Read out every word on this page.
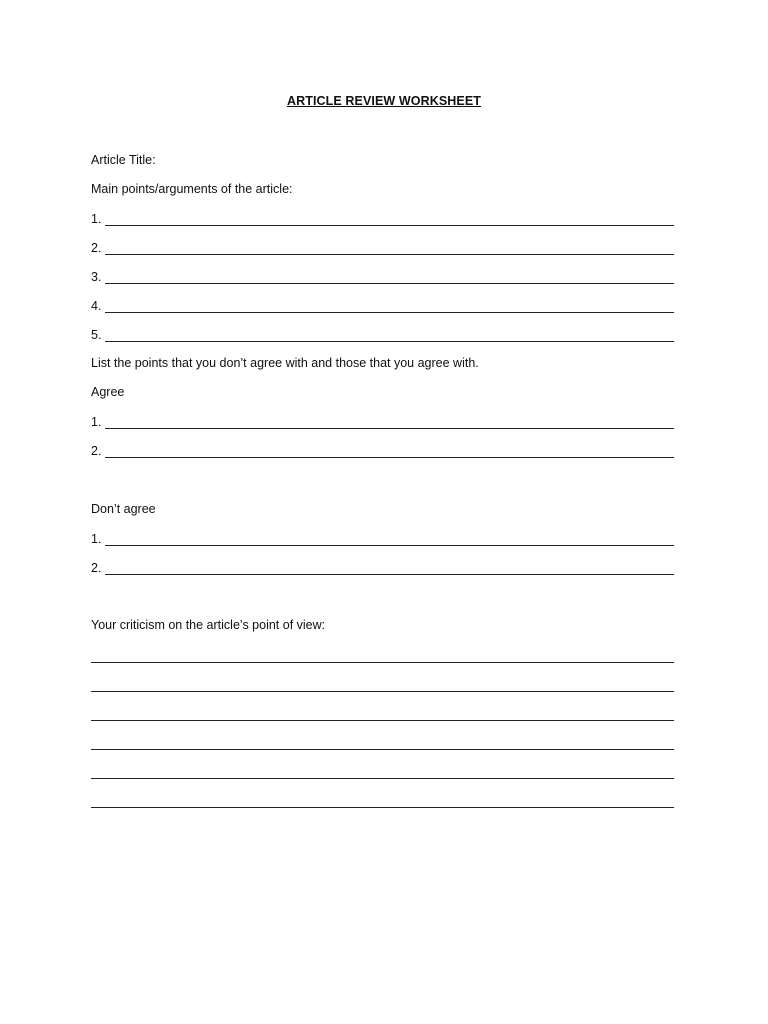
ARTICLE REVIEW WORKSHEET
Article Title:
Main points/arguments of the article:
1.
2.
3.
4.
5.
List the points that you don’t agree with and those that you agree with.
Agree
1.
2.
Don’t agree
1.
2.
Your criticism on the article’s point of view:
